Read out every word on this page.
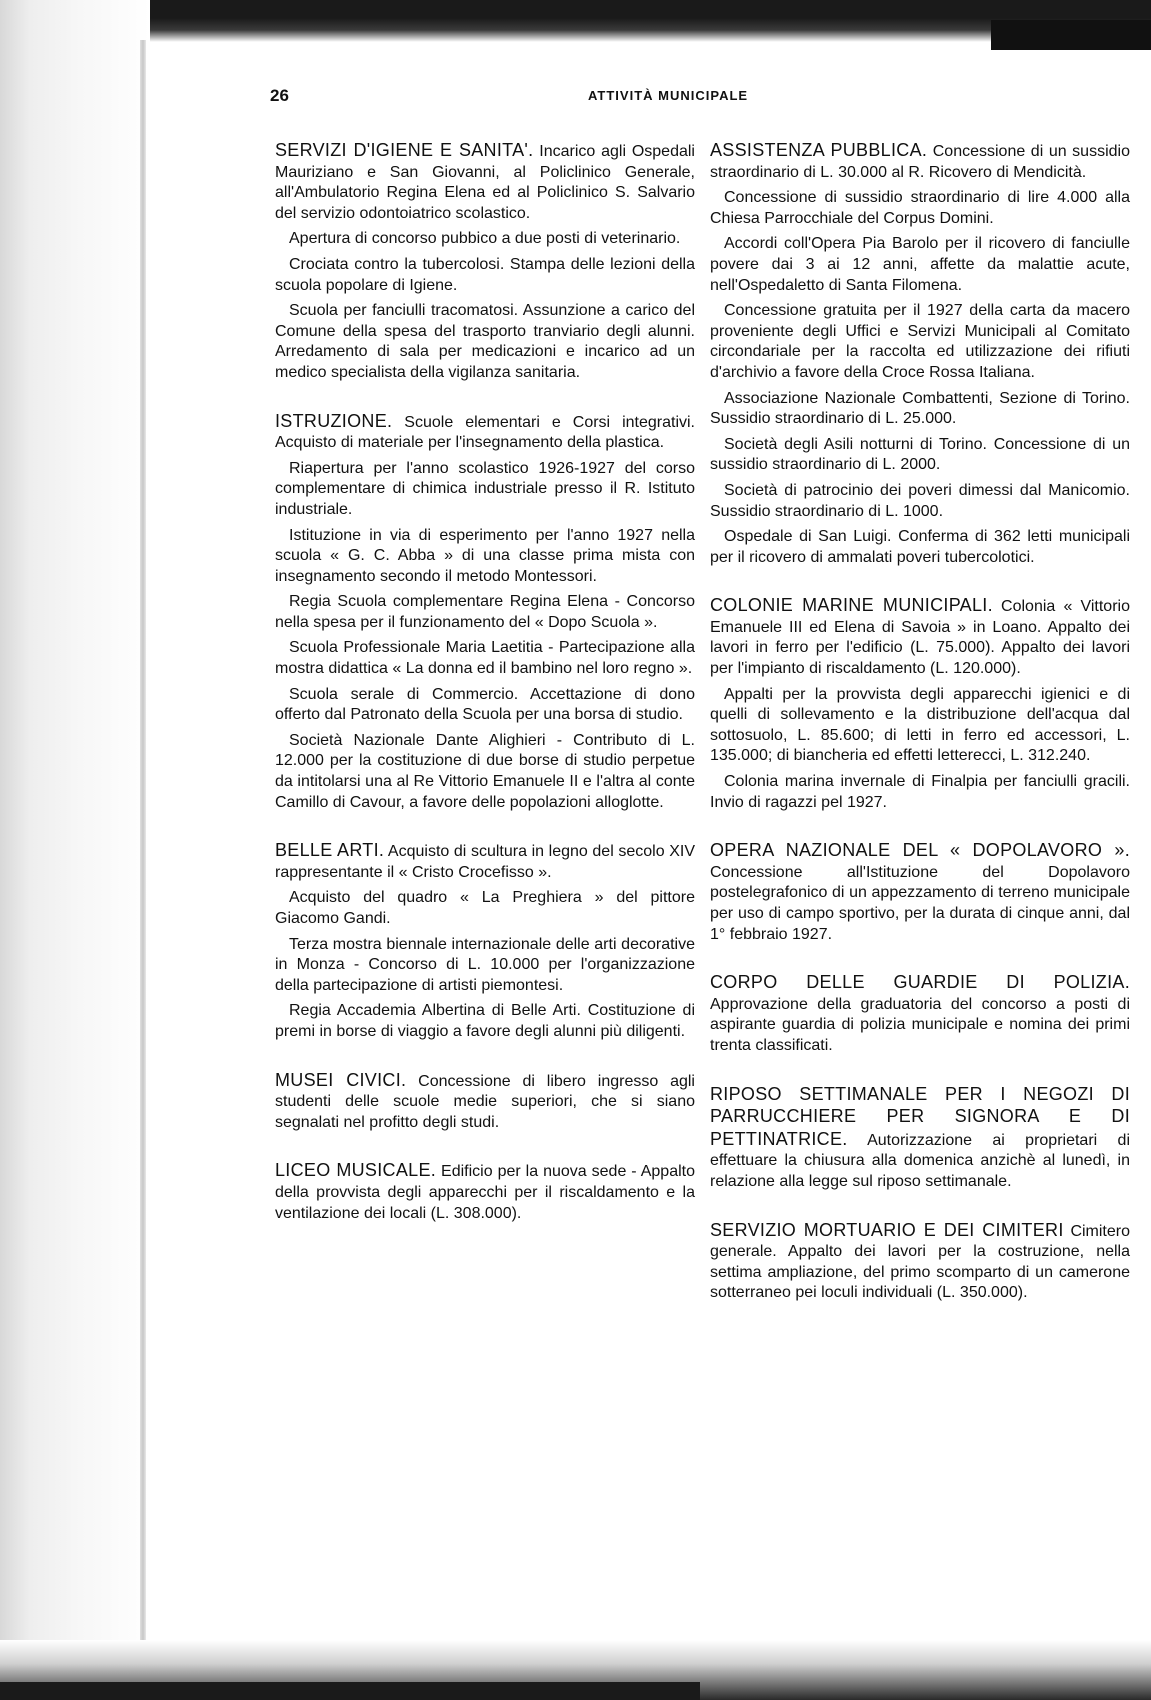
26	ATTIVITÀ MUNICIPALE

SERVIZI D'IGIENE E SANITA'. Incarico agli Ospedali Mauriziano e San Giovanni, al Policlinico Generale, all'Ambulatorio Regina Elena ed al Policlinico S. Salvario del servizio odontoiatrico scolastico.

Apertura di concorso pubbico a due posti di veterinario.

Crociata contro la tubercolosi. Stampa delle lezioni della scuola popolare di Igiene.

Scuola per fanciulli tracomatosi. Assunzione a carico del Comune della spesa del trasporto tranviario degli alunni. Arredamento di sala per medicazioni e incarico ad un medico specialista della vigilanza sanitaria.

ISTRUZIONE. Scuole elementari e Corsi integrativi. Acquisto di materiale per l'insegnamento della plastica.

Riapertura per l'anno scolastico 1926-1927 del corso complementare di chimica industriale presso il R. Istituto industriale.

Istituzione in via di esperimento per l'anno 1927 nella scuola « G. C. Abba » di una classe prima mista con insegnamento secondo il metodo Montessori.

Regia Scuola complementare Regina Elena - Concorso nella spesa per il funzionamento del « Dopo Scuola ».

Scuola Professionale Maria Laetitia - Partecipazione alla mostra didattica « La donna ed il bambino nel loro regno ».

Scuola serale di Commercio. Accettazione di dono offerto dal Patronato della Scuola per una borsa di studio.

Società Nazionale Dante Alighieri - Contributo di L. 12.000 per la costituzione di due borse di studio perpetue da intitolarsi una al Re Vittorio Emanuele II e l'altra al conte Camillo di Cavour, a favore delle popolazioni alloglotte.

BELLE ARTI. Acquisto di scultura in legno del secolo XIV rappresentante il « Cristo Crocefisso ».

Acquisto del quadro « La Preghiera » del pittore Giacomo Gandi.

Terza mostra biennale internazionale delle arti decorative in Monza - Concorso di L. 10.000 per l'organizzazione della partecipazione di artisti piemontesi.

Regia Accademia Albertina di Belle Arti. Costituzione di premi in borse di viaggio a favore degli alunni più diligenti.

MUSEI CIVICI. Concessione di libero ingresso agli studenti delle scuole medie superiori, che si siano segnalati nel profitto degli studi.

LICEO MUSICALE. Edificio per la nuova sede - Appalto della provvista degli apparecchi per il riscaldamento e la ventilazione dei locali (L. 308.000).

ASSISTENZA PUBBLICA. Concessione di un sussidio straordinario di L. 30.000 al R. Ricovero di Mendicità.

Concessione di sussidio straordinario di lire 4.000 alla Chiesa Parrocchiale del Corpus Domini.

Accordi coll'Opera Pia Barolo per il ricovero di fanciulle povere dai 3 ai 12 anni, affette da malattie acute, nell'Ospedaletto di Santa Filomena.

Concessione gratuita per il 1927 della carta da macero proveniente degli Uffici e Servizi Municipali al Comitato circondariale per la raccolta ed utilizzazione dei rifiuti d'archivio a favore della Croce Rossa Italiana.

Associazione Nazionale Combattenti, Sezione di Torino. Sussidio straordinario di L. 25.000.

Società degli Asili notturni di Torino. Concessione di un sussidio straordinario di L. 2000.

Società di patrocinio dei poveri dimessi dal Manicomio. Sussidio straordinario di L. 1000.

Ospedale di San Luigi. Conferma di 362 letti municipali per il ricovero di ammalati poveri tubercolotici.

COLONIE MARINE MUNICIPALI. Colonia « Vittorio Emanuele III ed Elena di Savoia » in Loano. Appalto dei lavori in ferro per l'edificio (L. 75.000). Appalto dei lavori per l'impianto di riscaldamento (L. 120.000).

Appalti per la provvista degli apparecchi igienici e di quelli di sollevamento e la distribuzione dell'acqua dal sottosuolo, L. 85.600; di letti in ferro ed accessori, L. 135.000; di biancheria ed effetti letterecci, L. 312.240.

Colonia marina invernale di Finalpia per fanciulli gracili. Invio di ragazzi pel 1927.

OPERA NAZIONALE DEL « DOPOLAVORO ». Concessione all'Istituzione del Dopolavoro postelegrafonico di un appezzamento di terreno municipale per uso di campo sportivo, per la durata di cinque anni, dal 1° febbraio 1927.

CORPO DELLE GUARDIE DI POLIZIA. Approvazione della graduatoria del concorso a posti di aspirante guardia di polizia municipale e nomina dei primi trenta classificati.

RIPOSO SETTIMANALE PER I NEGOZI DI PARRUCCHIERE PER SIGNORA E DI PETTINATRICE. Autorizzazione ai proprietari di effettuare la chiusura alla domenica anzichè al lunedì, in relazione alla legge sul riposo settimanale.

SERVIZIO MORTUARIO E DEI CIMITERI Cimitero generale. Appalto dei lavori per la costruzione, nella settima ampliazione, del primo scomparto di un camerone sotterraneo pei loculi individuali (L. 350.000).
